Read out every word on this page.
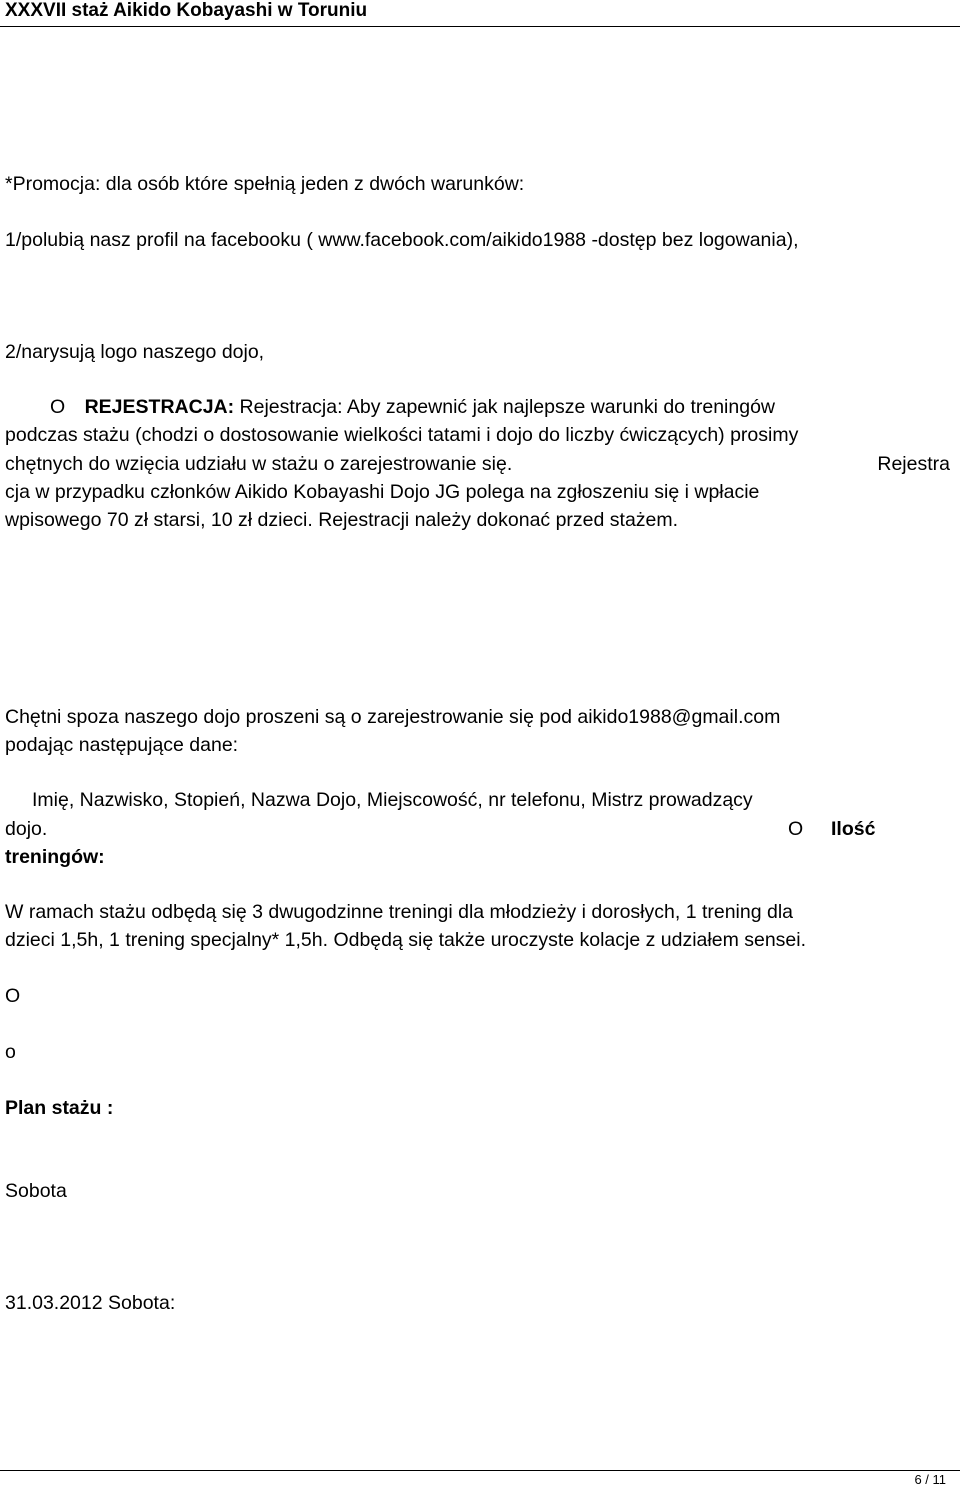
XXXVII staż Aikido Kobayashi w Toruniu
*Promocja: dla osób które spełnią jeden z dwóch warunków:
1/polubią nasz profil na facebooku ( www.facebook.com/aikido1988 -dostęp bez logowania),
2/narysują logo naszego dojo,
O REJESTRACJA: Rejestracja: Aby zapewnić jak najlepsze warunki do treningów
podczas stażu (chodzi o dostosowanie wielkości tatami i dojo do liczby ćwiczących) prosimy
chętnych do wzięcia udziału w stażu o zarejestrowanie się.	Rejestra
cja w przypadku członków Aikido Kobayashi Dojo JG polega na zgłoszeniu się i wpłacie
wpisowego 70 zł starsi, 10 zł dzieci. Rejestracji należy dokonać przed stażem.
Chętni spoza naszego dojo proszeni są o zarejestrowanie się pod aikido1988@gmail.com
podając następujące dane:
Imię, Nazwisko, Stopień, Nazwa Dojo, Miejscowość, nr telefonu, Mistrz prowadzący
dojo.	O Ilość
treningów:
W ramach stażu odbędą się 3 dwugodzinne treningi dla młodzieży i dorosłych, 1 trening dla
dzieci 1,5h, 1 trening specjalny* 1,5h. Odbędą się także uroczyste kolacje z udziałem sensei.
O
o
Plan stażu :
Sobota
31.03.2012 Sobota:
6 / 11
